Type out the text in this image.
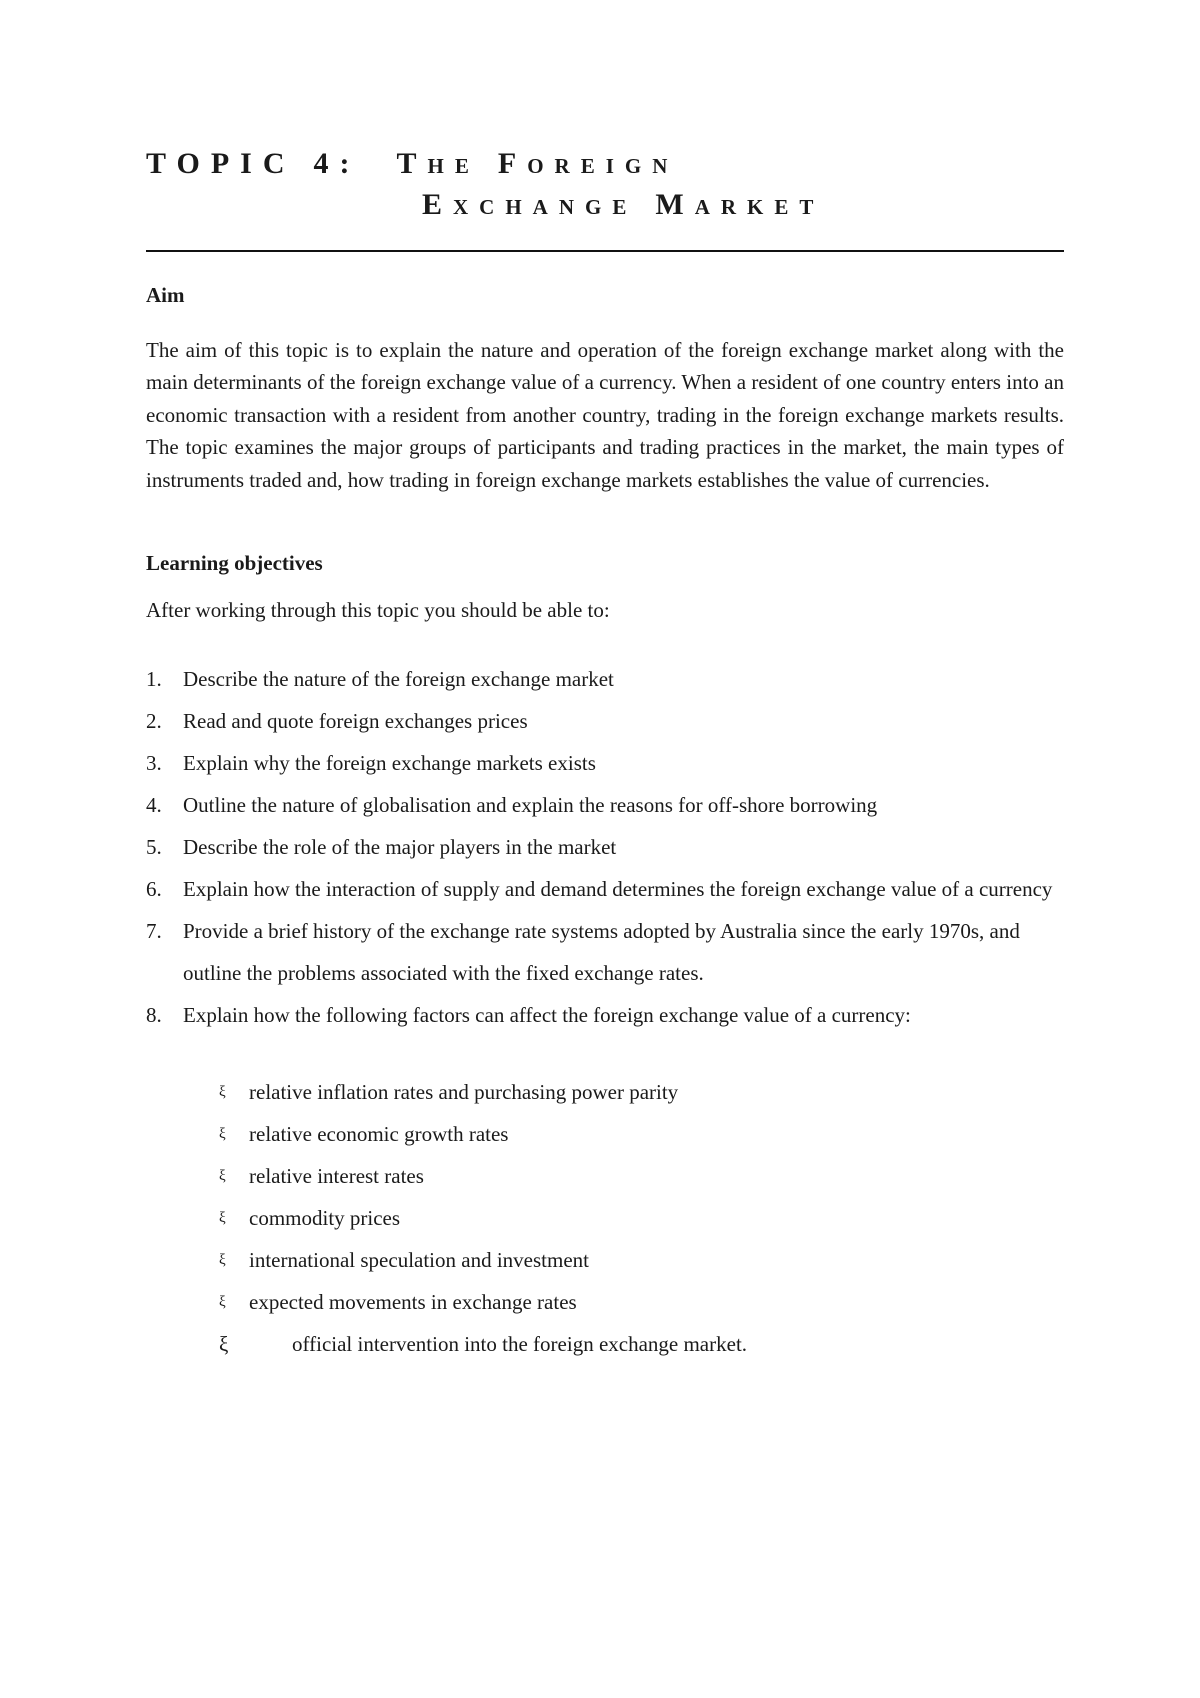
TOPIC 4: THE FOREIGN
EXCHANGE MARKET
Aim
The aim of this topic is to explain the nature and operation of the foreign exchange market along with the main determinants of the foreign exchange value of a currency. When a resident of one country enters into an economic transaction with a resident from another country, trading in the foreign exchange markets results. The topic examines the major groups of participants and trading practices in the market, the main types of instruments traded and, how trading in foreign exchange markets establishes the value of currencies.
Learning objectives
After working through this topic you should be able to:
1. Describe the nature of the foreign exchange market
2. Read and quote foreign exchanges prices
3. Explain why the foreign exchange markets exists
4. Outline the nature of globalisation and explain the reasons for off-shore borrowing
5. Describe the role of the major players in the market
6. Explain how the interaction of supply and demand determines the foreign exchange value of a currency
7. Provide a brief history of the exchange rate systems adopted by Australia since the early 1970s, and outline the problems associated with the fixed exchange rates.
8. Explain how the following factors can affect the foreign exchange value of a currency:
ξ relative inflation rates and purchasing power parity
ξ relative economic growth rates
ξ relative interest rates
ξ commodity prices
ξ international speculation and investment
ξ expected movements in exchange rates
ξ	official intervention into the foreign exchange market.
